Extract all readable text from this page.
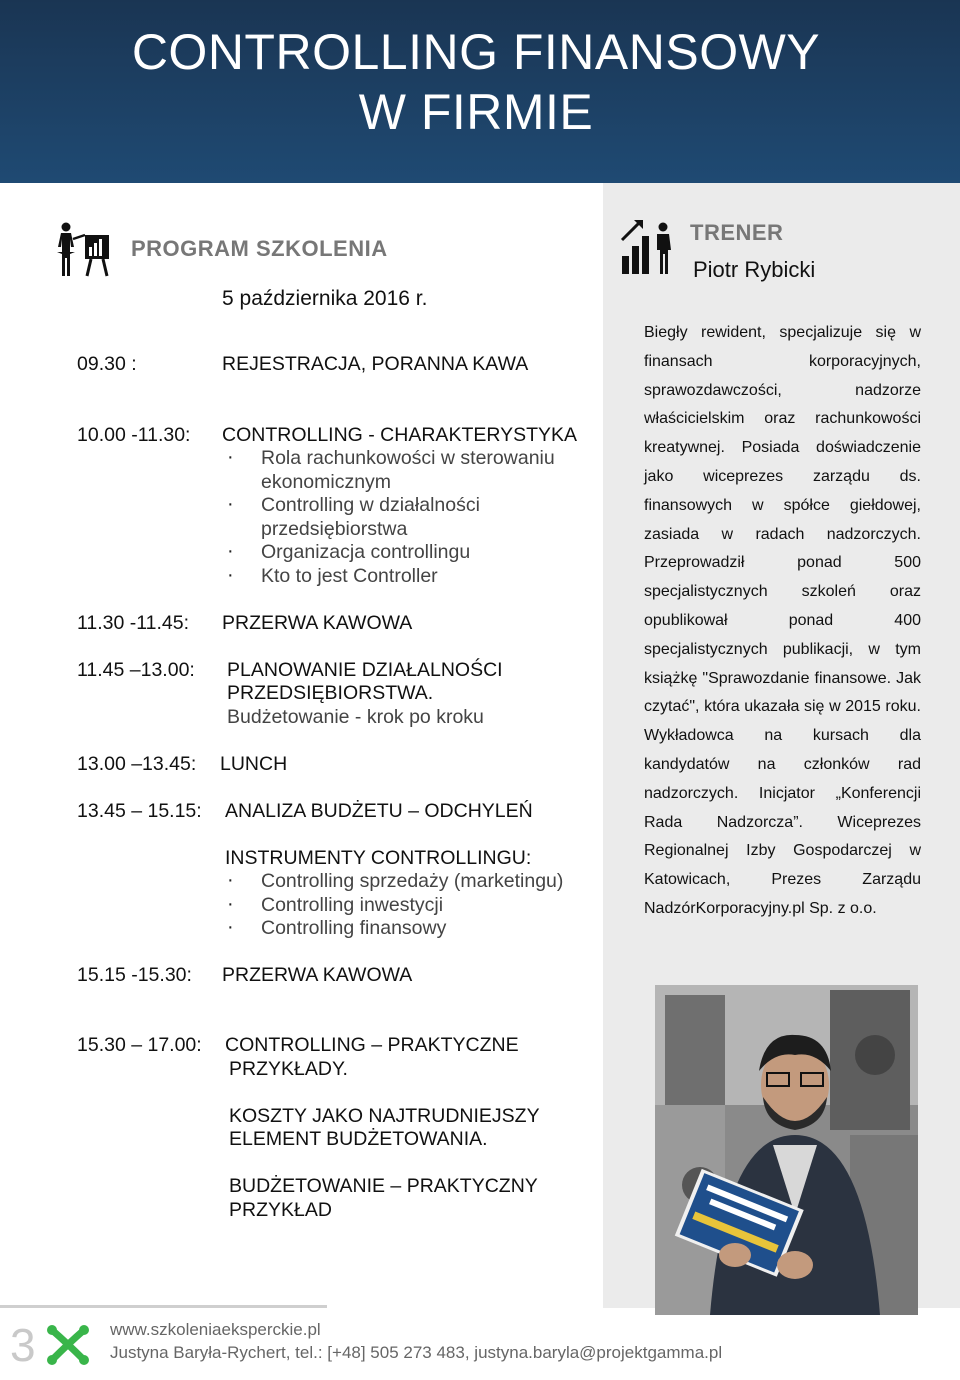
CONTROLLING FINANSOWY
W FIRMIE
PROGRAM SZKOLENIA
5 października 2016 r.
09.30 :	REJESTRACJA, PORANNA KAWA
10.00 -11.30: CONTROLLING - CHARAKTERYSTYKA
· Rola rachunkowości w sterowaniu
ekonomicznym
· Controlling w działalności
przedsiębiorstwa
· Organizacja controllingu
· Kto to jest Controller
11.30 -11.45: PRZERWA KAWOWA
11.45 –13.00: PLANOWANIE DZIAŁALNOŚCI
PRZEDSIĘBIORSTWA.
Budżetowanie - krok po kroku
13.00 –13.45: LUNCH
13.45 – 15.15: ANALIZA BUDŻETU – ODCHYLEŃ
INSTRUMENTY CONTROLLINGU:
· Controlling sprzedaży (marketingu)
· Controlling inwestycji
· Controlling finansowy
15.15 -15.30: PRZERWA KAWOWA
15.30 – 17.00: CONTROLLING – PRAKTYCZNE
PRZYKŁADY.
KOSZTY JAKO NAJTRUDNIEJSZY
ELEMENT BUDŻETOWANIA.
BUDŻETOWANIE – PRAKTYCZNY
PRZYKŁAD
TRENER
Piotr Rybicki
Biegły rewident, specjalizuje się w finansach korporacyjnych, sprawozdawczości, nadzorze właścicielskim oraz rachunkowości kreatywnej. Posiada doświadczenie jako wiceprezes zarządu ds. finansowych w spółce giełdowej, zasiada w radach nadzorczych. Przeprowadził ponad 500 specjalistycznych szkoleń oraz opublikował ponad 400 specjalistycznych publikacji, w tym książkę "Sprawozdanie finansowe. Jak czytać", która ukazała się w 2015 roku. Wykładowca na kursach dla kandydatów na członków rad nadzorczych. Inicjator „Konferencji Rada Nadzorcza”. Wiceprezes Regionalnej Izby Gospodarczej w Katowicach, Prezes Zarządu NadzórKorporacyjny.pl Sp. z o.o.
3	www.szkoleniaeksperckie.pl
Justyna Baryła-Rychert, tel.: [+48] 505 273 483, justyna.baryla@projektgamma.pl
